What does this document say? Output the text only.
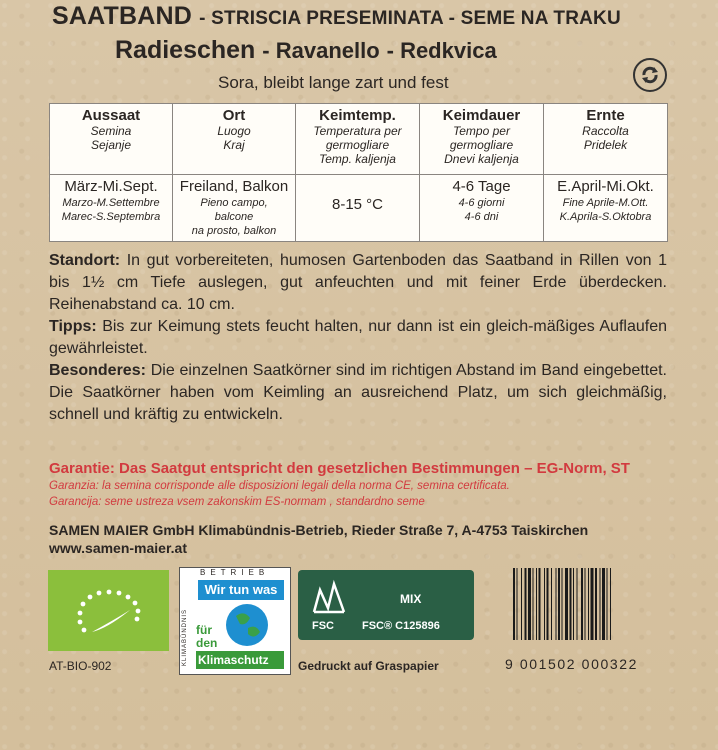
SAATBAND - STRISCIA PRESEMINATA - SEME NA TRAKU
Radieschen - Ravanello - Redkvica
Sora, bleibt lange zart und fest
Aussaat
Semina
Sejanje	Ort
Luogo
Kraj	Keimtemp.
Temperatura per
germogliare
Temp. kaljenja	Keimdauer
Tempo per
germogliare
Dnevi kaljenja	Ernte
Raccolta
Pridelek

März-Mi.Sept.
Marzo-M.Settembre
Marec-S.Septembra	Freiland, Balkon
Pieno campo,
balcone
na prosto, balkon	8-15 °C	4-6 Tage
4-6 giorni
4-6 dni	E.April-Mi.Okt.
Fine Aprile-M.Ott.
K.Aprila-S.Oktobra

Standort: In gut vorbereiteten, humosen Gartenboden das Saatband in Rillen von 1 bis 1½ cm Tiefe auslegen, gut anfeuchten und mit feiner Erde überdecken. Reihenabstand ca. 10 cm.

Tipps: Bis zur Keimung stets feucht halten, nur dann ist ein gleich-mäßiges Auflaufen gewährleistet.

Besonderes: Die einzelnen Saatkörner sind im richtigen Abstand im Band eingebettet. Die Saatkörner haben vom Keimling an ausreichend Platz, um sich gleichmäßig, schnell und kräftig zu entwickeln.

Garantie: Das Saatgut entspricht den gesetzlichen Bestimmungen – EG-Norm, ST
Garanzia: la semina corrisponde alle disposizioni legali della norma CE, semina certificata.
Garancija: seme ustreza vsem zakonskim ES-normam , standardno seme
SAMEN MAIER GmbH Klimabündnis-Betrieb, Rieder Straße 7, A-4753 Taiskirchen
www.samen-maier.at
AT-BIO-902
BETRIEB
KLIMABÜNDNIS
Wir tun was
für
den
Klimaschutz
FSC
MIX
FSC® C125896
Gedruckt auf Graspapier	9 001502 000322
